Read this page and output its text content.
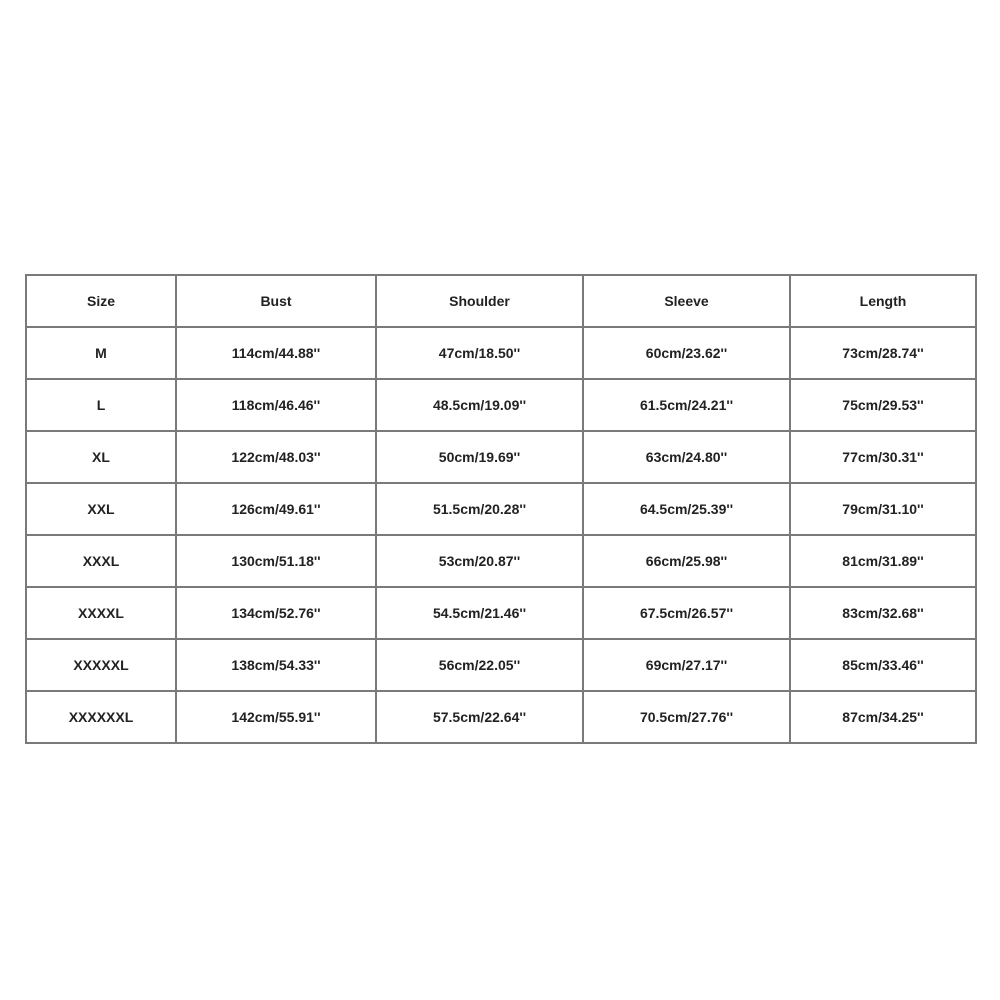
Size	Bust	Shoulder	Sleeve	Length
M	114cm/44.88''	47cm/18.50''	60cm/23.62''	73cm/28.74''
L	118cm/46.46''	48.5cm/19.09''	61.5cm/24.21''	75cm/29.53''
XL	122cm/48.03''	50cm/19.69''	63cm/24.80''	77cm/30.31''
XXL	126cm/49.61''	51.5cm/20.28''	64.5cm/25.39''	79cm/31.10''
XXXL	130cm/51.18''	53cm/20.87''	66cm/25.98''	81cm/31.89''
XXXXL	134cm/52.76''	54.5cm/21.46''	67.5cm/26.57''	83cm/32.68''
XXXXXL	138cm/54.33''	56cm/22.05''	69cm/27.17''	85cm/33.46''
XXXXXXL	142cm/55.91''	57.5cm/22.64''	70.5cm/27.76''	87cm/34.25''
